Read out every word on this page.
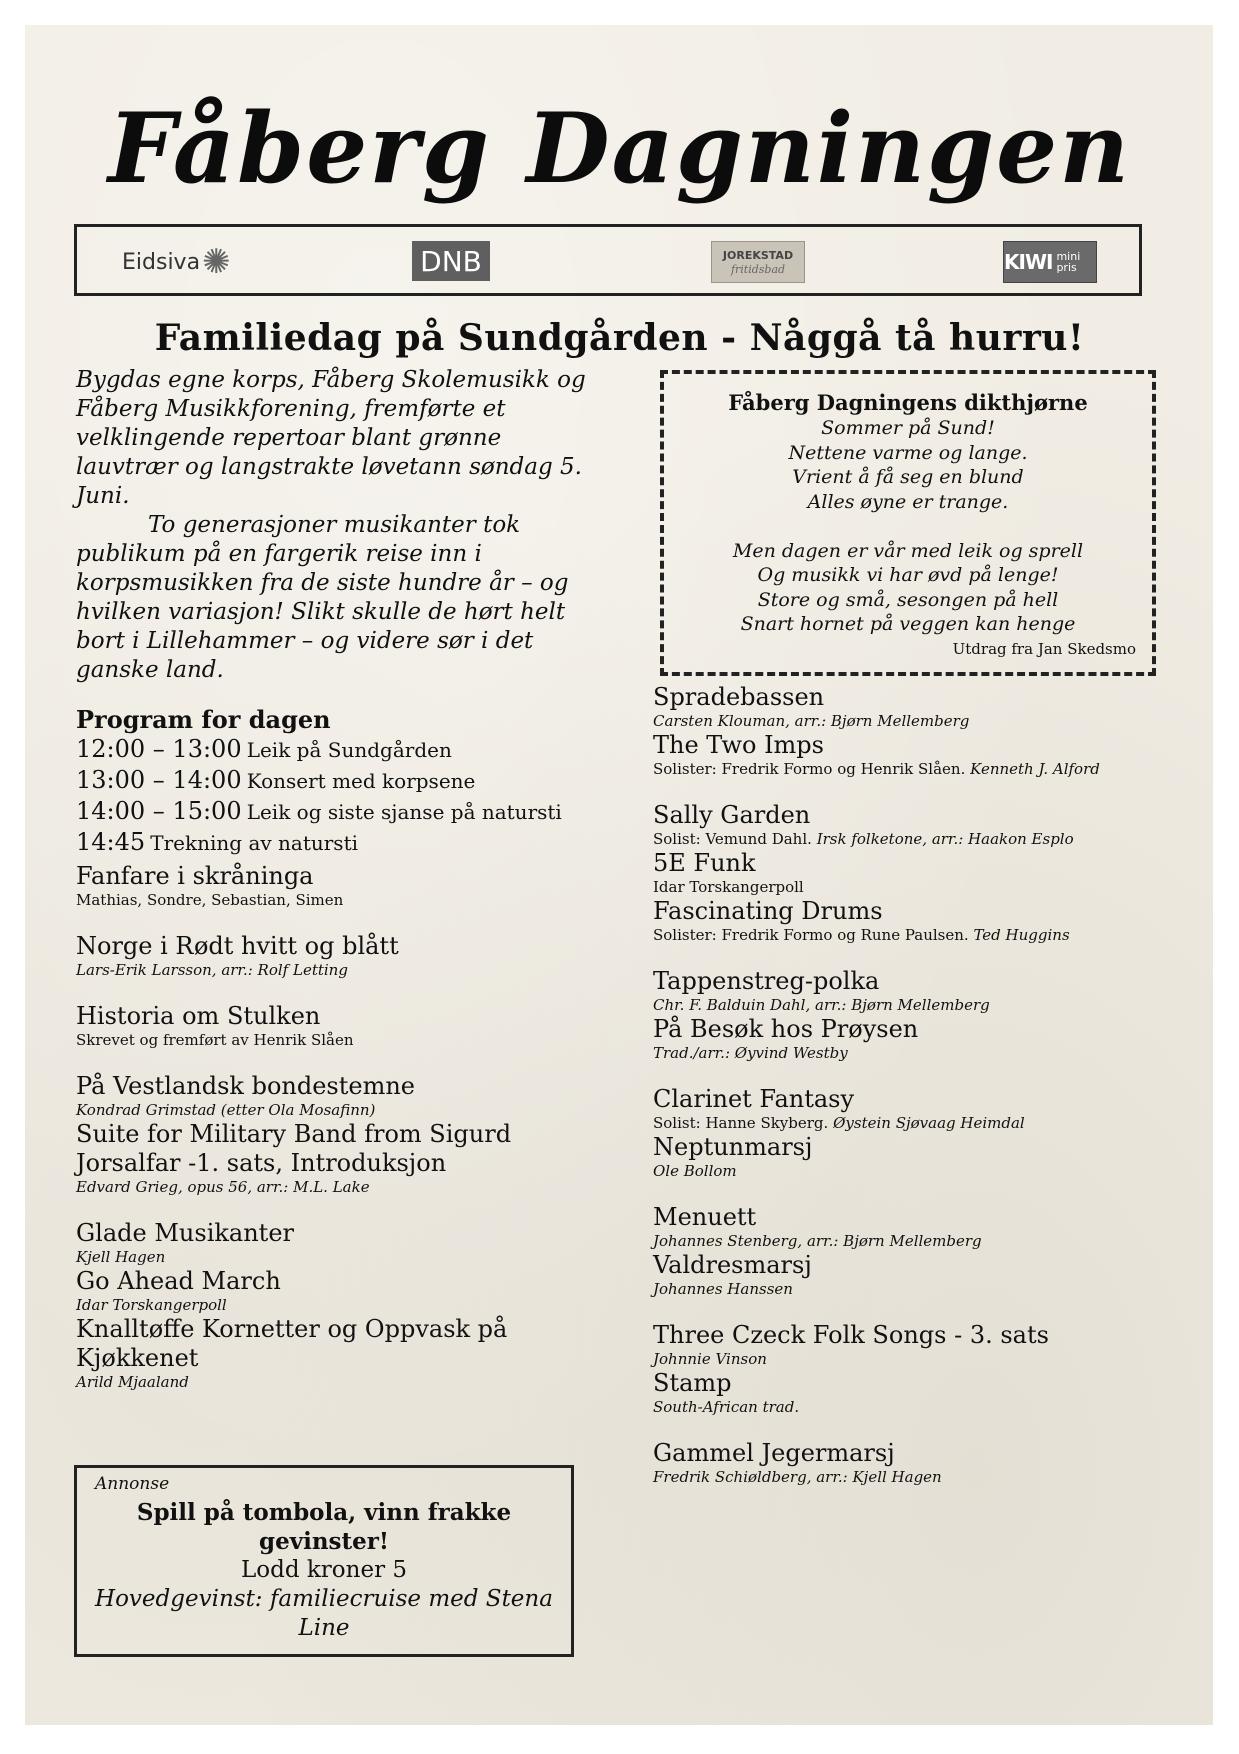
Fåberg Dagningen
Eidsiva ✺	DNB	JOREKSTAD
fritidsbad	KIWI mini pris
Familiedag på Sundgården - Någgå tå hurru!

Bygdas egne korps, Fåberg Skolemusikk og Fåberg Musikkforening, fremførte et velklingende repertoar blant grønne lauvtrær og langstrakte løvetann søndag 5. Juni.

To generasjoner musikanter tok publikum på en fargerik reise inn i korpsmusikken fra de siste hundre år – og hvilken variasjon! Slikt skulle de hørt helt bort i Lillehammer – og videre sør i det ganske land.

Fåberg Dagningens dikthjørne
Sommer på Sund!
Nettene varme og lange.
Vrient å få seg en blund
Alles øyne er trange.
Men dagen er vår med leik og sprell
Og musikk vi har øvd på lenge!
Store og små, sesongen på hell
Snart hornet på veggen kan henge
Utdrag fra Jan Skedsmo
Program for dagen
12:00 – 13:00 Leik på Sundgården
13:00 – 14:00 Konsert med korpsene
14:00 – 15:00 Leik og siste sjanse på natursti
14:45 Trekning av natursti
Fanfare i skråninga
Mathias, Sondre, Sebastian, Simen
Norge i Rødt hvitt og blått
Lars-Erik Larsson, arr.: Rolf Letting
Historia om Stulken
Skrevet og fremført av Henrik Slåen
På Vestlandsk bondestemne
Kondrad Grimstad (etter Ola Mosafinn)
Suite for Military Band from Sigurd Jorsalfar -1. sats, Introduksjon
Edvard Grieg, opus 56, arr.: M.L. Lake
Glade Musikanter
Kjell Hagen
Go Ahead March
Idar Torskangerpoll
Knalltøffe Kornetter og Oppvask på Kjøkkenet
Arild Mjaaland
Spradebassen
Carsten Klouman, arr.: Bjørn Mellemberg
The Two Imps
Solister: Fredrik Formo og Henrik Slåen. Kenneth J. Alford
Sally Garden
Solist: Vemund Dahl. Irsk folketone, arr.: Haakon Esplo
5E Funk
Idar Torskangerpoll
Fascinating Drums
Solister: Fredrik Formo og Rune Paulsen. Ted Huggins
Tappenstreg-polka
Chr. F. Balduin Dahl, arr.: Bjørn Mellemberg
På Besøk hos Prøysen
Trad./arr.: Øyvind Westby
Clarinet Fantasy
Solist: Hanne Skyberg. Øystein Sjøvaag Heimdal
Neptunmarsj
Ole Bollom
Menuett
Johannes Stenberg, arr.: Bjørn Mellemberg
Valdresmarsj
Johannes Hanssen
Three Czeck Folk Songs - 3. sats
Johnnie Vinson
Stamp
South-African trad.
Gammel Jegermarsj
Fredrik Schiøldberg, arr.: Kjell Hagen
Annonse
Spill på tombola, vinn frakke gevinster!
Lodd kroner 5
Hovedgevinst: familiecruise med Stena Line
